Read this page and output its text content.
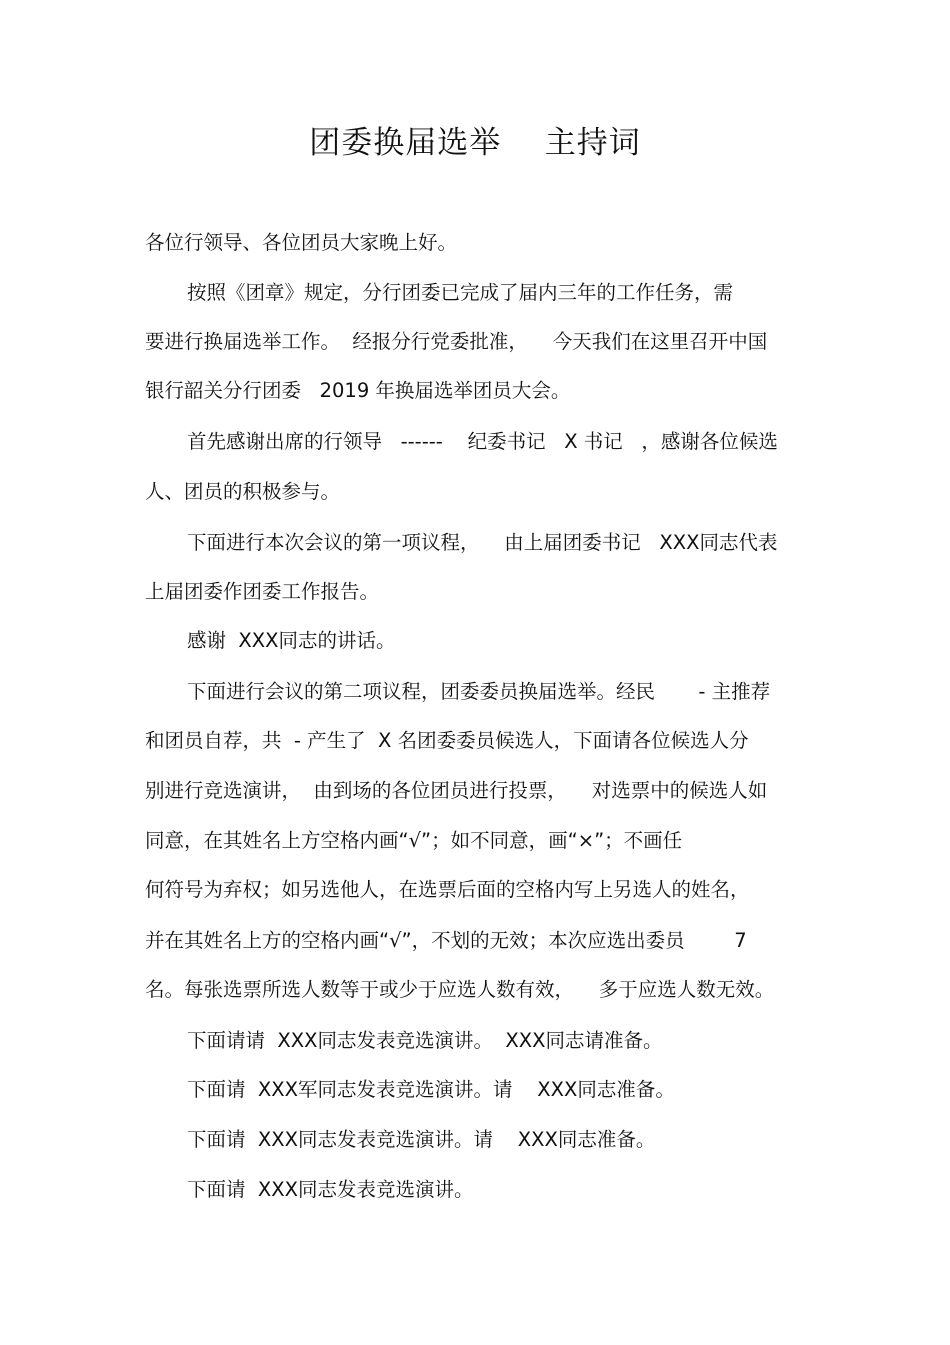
团委换届选举    主持词
各位行领导、各位团员大家晚上好。
按照《团章》规定，分行团委已完成了届内三年的工作任务，需
要进行换届选举工作。  经报分行党委批准，    今天我们在这里召开中国
银行韶关分行团委   2019 年换届选举团员大会。
首先感谢出席的行领导   ------    纪委书记   X 书记   ，感谢各位候选
人、团员的积极参与。
下面进行本次会议的第一项议程，    由上届团委书记   XXX同志代表
上届团委作团委工作报告。
感谢  XXX同志的讲话。
下面进行会议的第二项议程，团委委员换届选举。经民       - 主推荐
和团员自荐，共  - 产生了  X 名团委委员候选人，下面请各位候选人分
别进行竞选演讲，  由到场的各位团员进行投票，    对选票中的候选人如
同意，在其姓名上方空格内画“√”；如不同意，画“×”；不画任
何符号为弃权；如另选他人，在选票后面的空格内写上另选人的姓名，
并在其姓名上方的空格内画“√”，不划的无效；本次应选出委员        7
名。每张选票所选人数等于或少于应选人数有效，    多于应选人数无效。
下面请请  XXX同志发表竞选演讲。  XXX同志请准备。
下面请  XXX军同志发表竞选演讲。请    XXX同志准备。
下面请  XXX同志发表竞选演讲。请    XXX同志准备。
下面请  XXX同志发表竞选演讲。
